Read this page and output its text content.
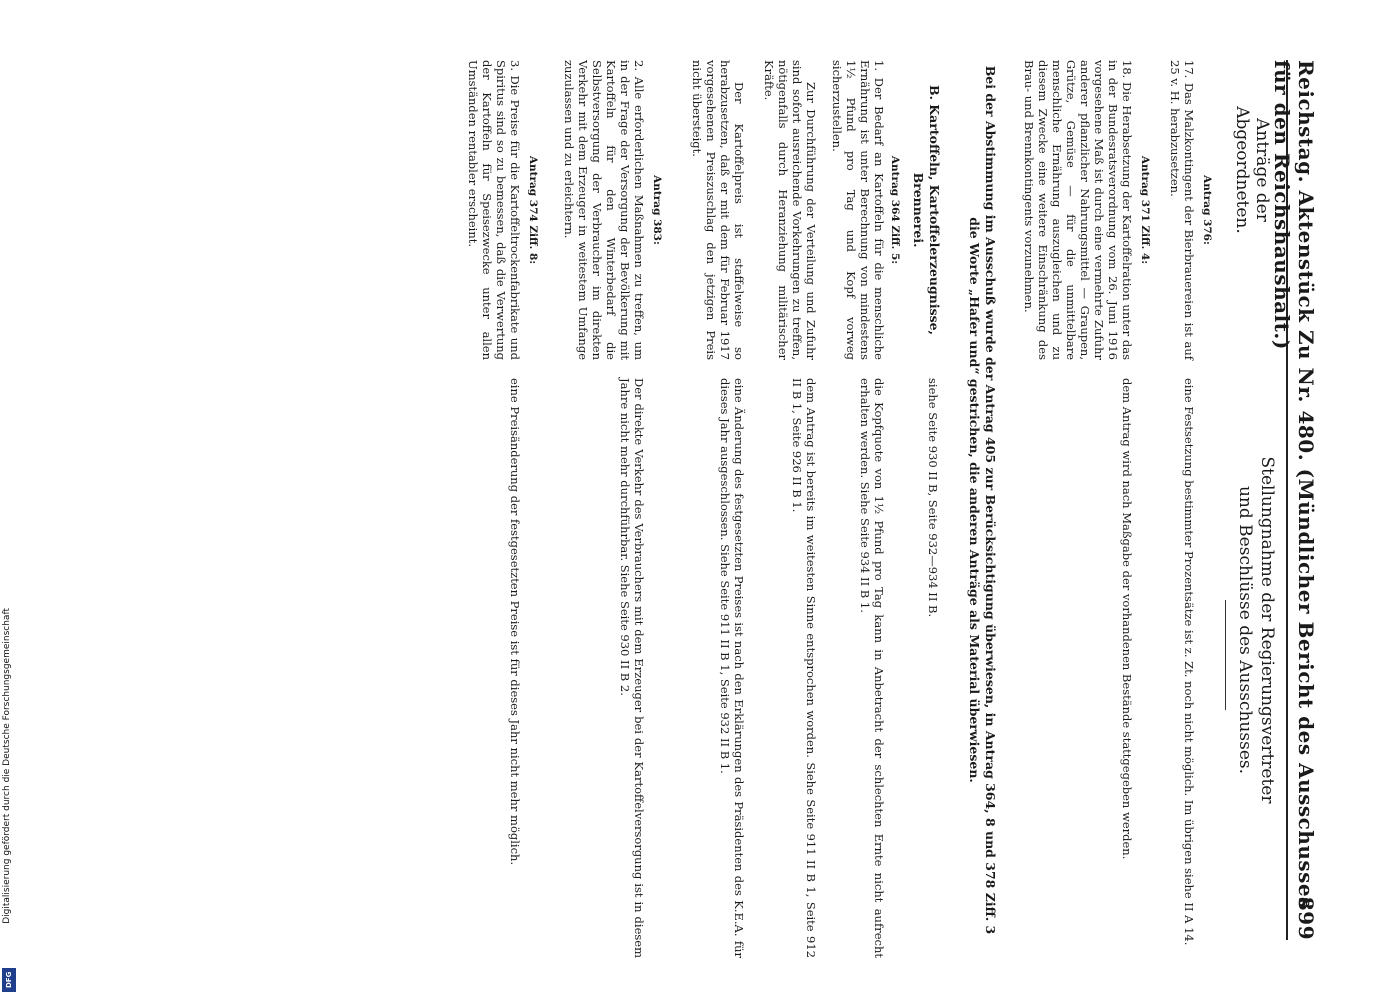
Reichstag. Aktenstück Zu Nr. 480. (Mündlicher Bericht des Ausschusses für den Reichshaushalt.)
899
Anträge der Abgeordneten.
Stellungnahme der Regierungsvertreter
und Beschlüsse des Ausschusses.
Antrag 376:
17. Das Malzkontingent der Bierbrauereien ist auf 25 v. H. herabzusetzen.
eine Festsetzung bestimmter Prozentsätze ist z. Zt. noch nicht möglich. Im übrigen siehe II A 14.
Antrag 371 Ziff. 4:
18. Die Herabsetzung der Kartoffelration unter das in der Bundesratsverordnung vom 26. Juni 1916 vorgesehene Maß ist durch eine vermehrte Zufuhr anderer pflanzlicher Nahrungsmittel — Graupen, Grütze, Gemüse — für die unmittelbare menschliche Ernährung auszugleichen und zu diesem Zwecke eine weitere Einschränkung des Brau- und Brennkontingents vorzunehmen.
dem Antrag wird nach Maßgabe der vorhandenen Bestände stattgegeben werden.
Bei der Abstimmung im Ausschuß wurde der Antrag 405 zur Berücksichtigung überwiesen, in Antrag 364, 8 und 378 Ziff. 3 die Worte „Hafer und“ gestrichen, die anderen Anträge als Material überwiesen.
B. Kartoffeln, Kartoffelerzeugnisse, Brennerei.
siehe Seite 930 II B, Seite 932—934 II B.
Antrag 364 Ziff. 5:
1. Der Bedarf an Kartoffeln für die menschliche Ernährung ist unter Berechnung von mindestens 1½ Pfund pro Tag und Kopf vorweg sicherzustellen.
Zur Durchführung der Verteilung und Zufuhr sind sofort ausreichende Vorkehrungen zu treffen, nötigenfalls durch Heranziehung militärischer Kräfte.
Der Kartoffelpreis ist staffelweise so herabzusetzen, daß er mit dem für Februar 1917 vorgesehenen Preiszuschlag den jetzigen Preis nicht übersteigt.
die Kopfquote von 1½ Pfund pro Tag kann in Anbetracht der schlechten Ernte nicht aufrecht erhalten werden. Siehe Seite 934 II B 1.
dem Antrag ist bereits im weitesten Sinne entsprochen worden. Siehe Seite 911 II B 1, Seite 912 II B 1, Seite 926 II B 1.
eine Änderung des festgesetzten Preises ist nach den Erklärungen des Präsidenten des K.E.A. für dieses Jahr ausgeschlossen. Siehe Seite 911 II B 1, Seite 932 II B 1.
Antrag 383:
2. Alle erforderlichen Maßnahmen zu treffen, um in der Frage der Versorgung der Bevölkerung mit Kartoffeln für den Winterbedarf die Selbstversorgung der Verbraucher im direkten Verkehr mit dem Erzeuger in weitestem Umfange zuzulassen und zu erleichtern.
Der direkte Verkehr des Verbrauchers mit dem Erzeuger bei der Kartoffelversorgung ist in diesem Jahre nicht mehr durchführbar. Siehe Seite 930 II B 2.
Antrag 374 Ziff. 8:
3. Die Preise für die Kartoffeltrockenfabrikate und Spiritus sind so zu bemessen, daß die Verwertung der Kartoffeln für Speisezwecke unter allen Umständen rentabler erscheint.
eine Preisänderung der festgesetzten Preise ist für dieses Jahr nicht mehr möglich.
Digitalisierung gefördert durch die Deutsche Forschungsgemeinschaft
DFG
